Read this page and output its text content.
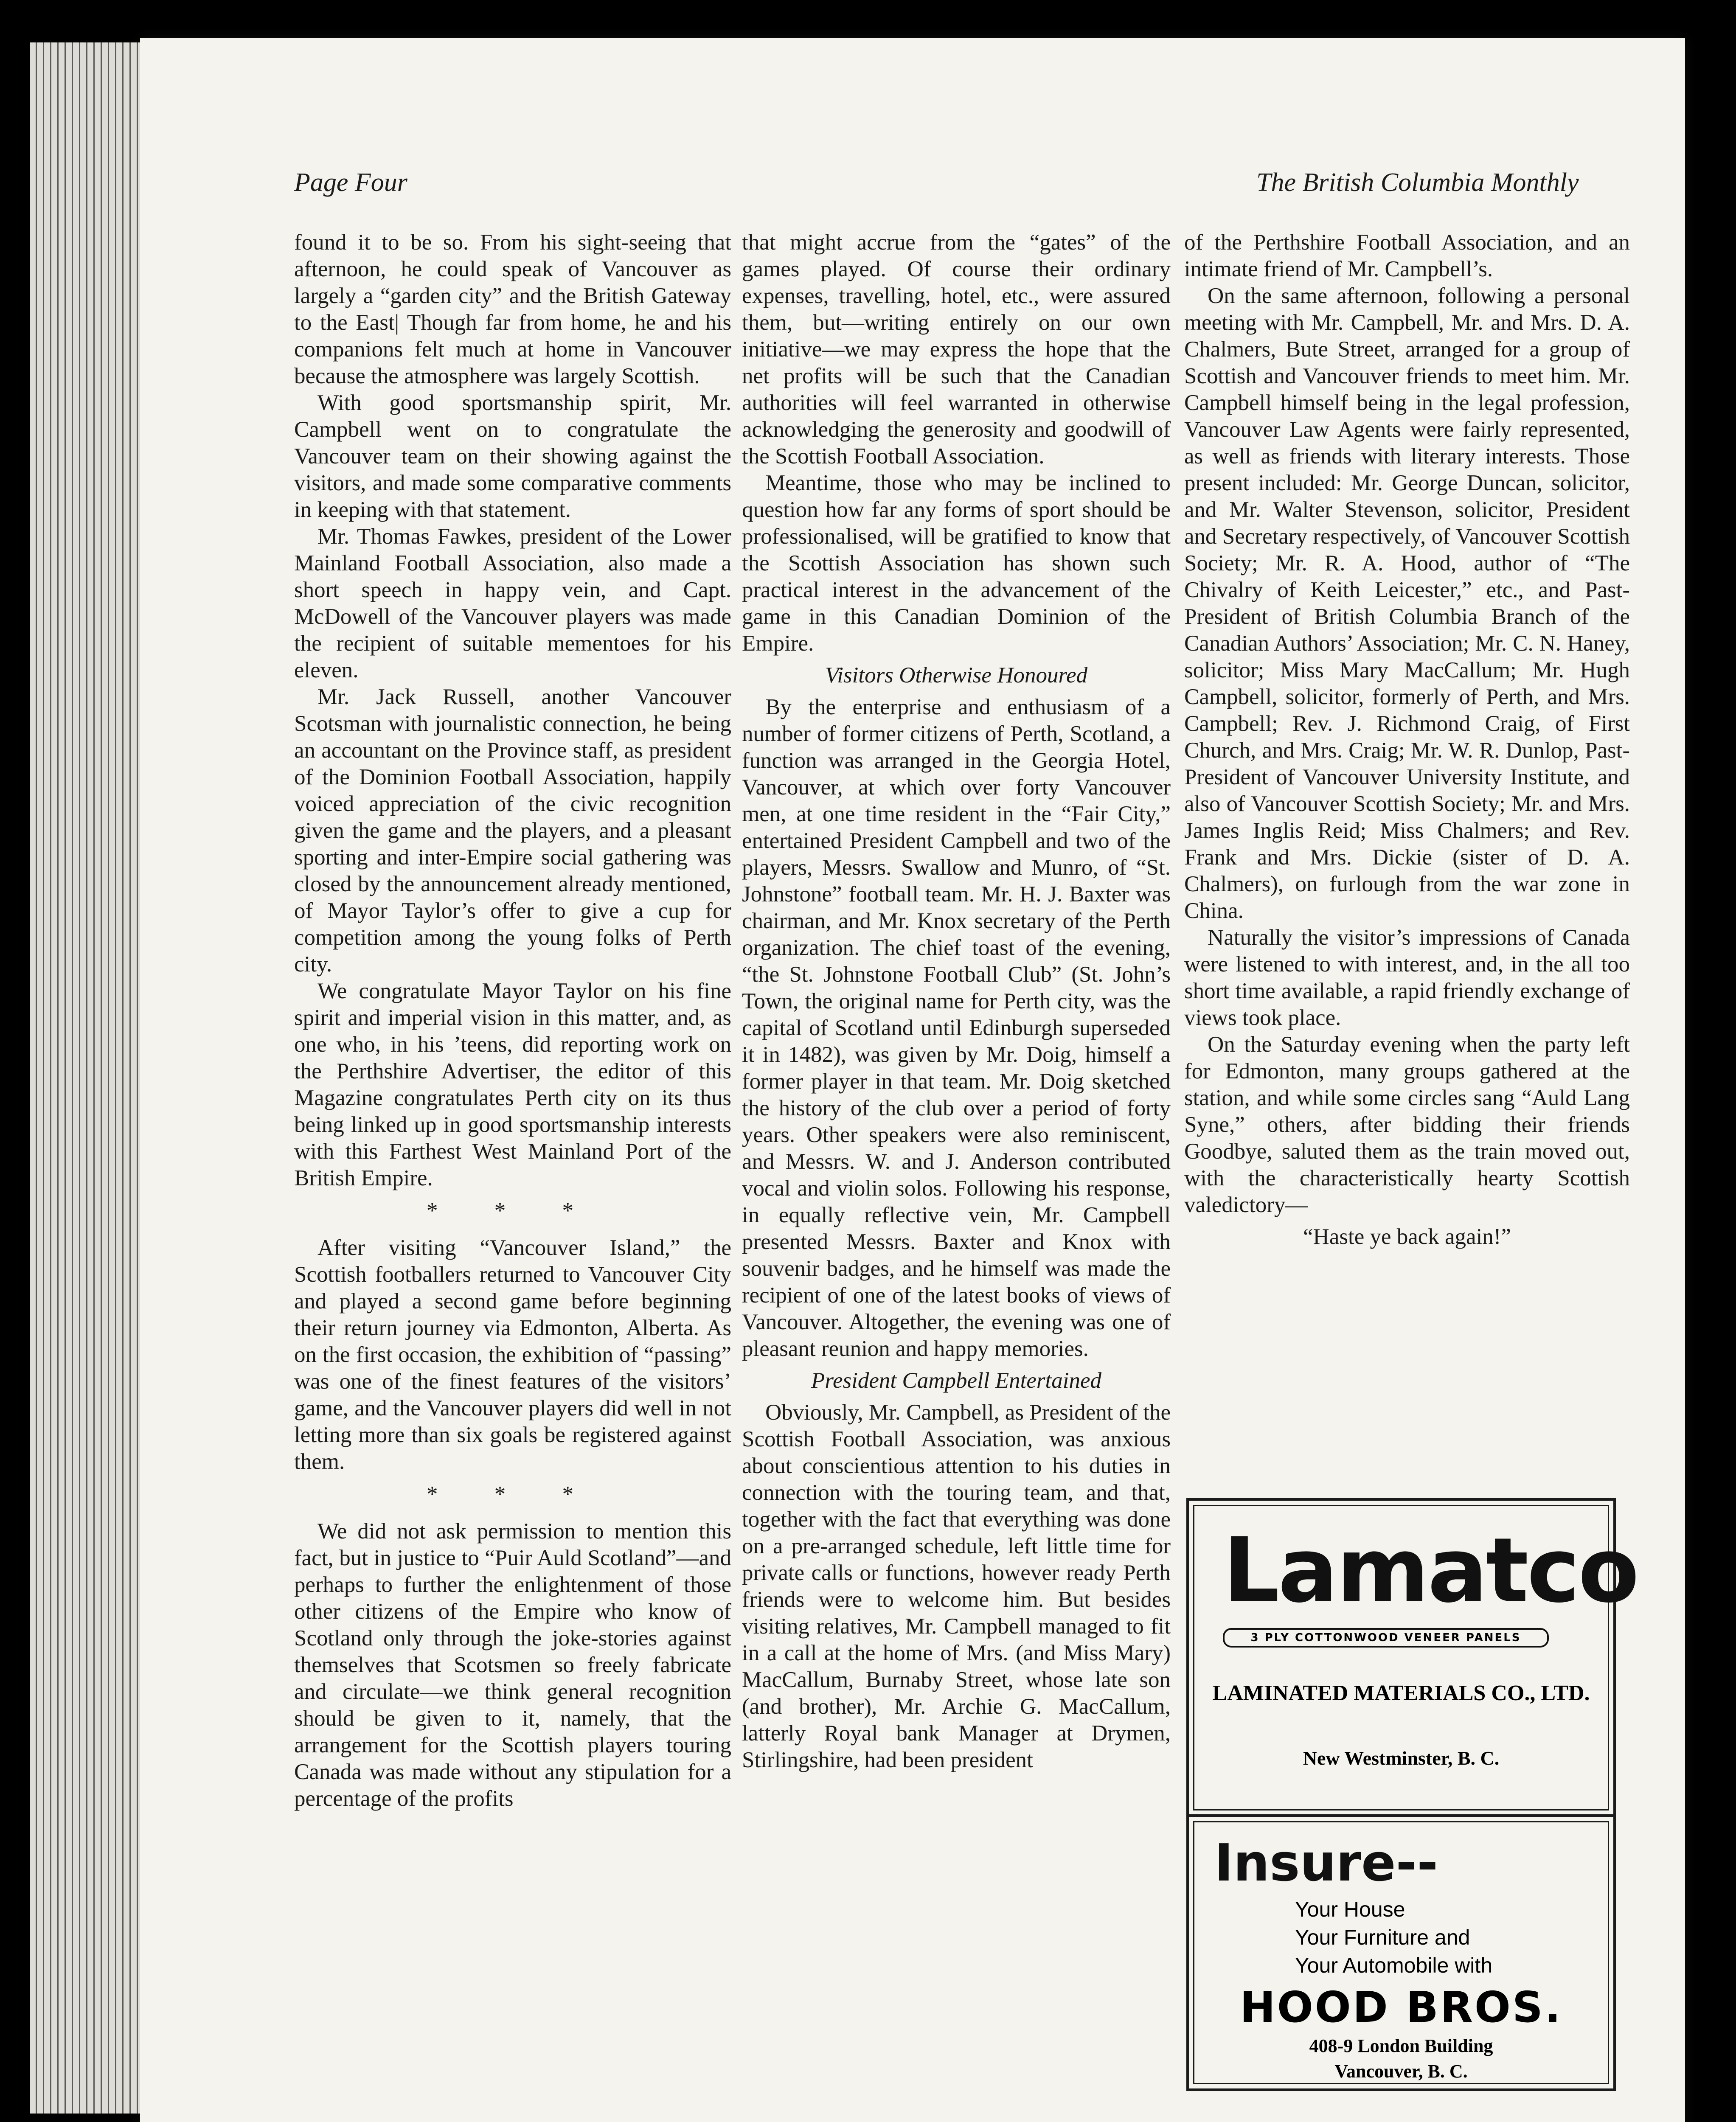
Page Four	The British Columbia Monthly

found it to be so. From his sight-seeing that afternoon, he could speak of Vancouver as largely a “garden city” and the British Gateway to the East| Though far from home, he and his companions felt much at home in Vancouver because the atmosphere was largely Scottish.

With good sportsmanship spirit, Mr. Campbell went on to congratulate the Vancouver team on their showing against the visitors, and made some comparative comments in keeping with that statement.

Mr. Thomas Fawkes, president of the Lower Mainland Football Association, also made a short speech in happy vein, and Capt. McDowell of the Vancouver players was made the recipient of suitable mementoes for his eleven.

Mr. Jack Russell, another Vancouver Scotsman with journalistic connection, he being an accountant on the Province staff, as president of the Dominion Football Association, happily voiced appreciation of the civic recognition given the game and the players, and a pleasant sporting and inter-Empire social gathering was closed by the announcement already mentioned, of Mayor Taylor’s offer to give a cup for competition among the young folks of Perth city.

We congratulate Mayor Taylor on his fine spirit and imperial vision in this matter, and, as one who, in his ’teens, did reporting work on the Perthshire Advertiser, the editor of this Magazine congratulates Perth city on its thus being linked up in good sportsmanship interests with this Farthest West Mainland Port of the British Empire.

* * *

After visiting “Vancouver Island,” the Scottish footballers returned to Vancouver City and played a second game before beginning their return journey via Edmonton, Alberta. As on the first occasion, the exhibition of “passing” was one of the finest features of the visitors’ game, and the Vancouver players did well in not letting more than six goals be registered against them.

* * *

We did not ask permission to mention this fact, but in justice to “Puir Auld Scotland”—and perhaps to further the enlightenment of those other citizens of the Empire who know of Scotland only through the joke-stories against themselves that Scotsmen so freely fabricate and circulate—we think general recognition should be given to it, namely, that the arrangement for the Scottish players touring Canada was made without any stipulation for a percentage of the profits

that might accrue from the “gates” of the games played. Of course their ordinary expenses, travelling, hotel, etc., were assured them, but—writing entirely on our own initiative—we may express the hope that the net profits will be such that the Canadian authorities will feel warranted in otherwise acknowledging the generosity and goodwill of the Scottish Football Association.

Meantime, those who may be inclined to question how far any forms of sport should be professionalised, will be gratified to know that the Scottish Association has shown such practical interest in the advancement of the game in this Canadian Dominion of the Empire.

Visitors Otherwise Honoured

By the enterprise and enthusiasm of a number of former citizens of Perth, Scotland, a function was arranged in the Georgia Hotel, Vancouver, at which over forty Vancouver men, at one time resident in the “Fair City,” entertained President Campbell and two of the players, Messrs. Swallow and Munro, of “St. Johnstone” football team. Mr. H. J. Baxter was chairman, and Mr. Knox secretary of the Perth organization. The chief toast of the evening, “the St. Johnstone Football Club” (St. John’s Town, the original name for Perth city, was the capital of Scotland until Edinburgh superseded it in 1482), was given by Mr. Doig, himself a former player in that team. Mr. Doig sketched the history of the club over a period of forty years. Other speakers were also reminiscent, and Messrs. W. and J. Anderson contributed vocal and violin solos. Following his response, in equally reflective vein, Mr. Campbell presented Messrs. Baxter and Knox with souvenir badges, and he himself was made the recipient of one of the latest books of views of Vancouver. Altogether, the evening was one of pleasant reunion and happy memories.

President Campbell Entertained

Obviously, Mr. Campbell, as President of the Scottish Football Association, was anxious about conscientious attention to his duties in connection with the touring team, and that, together with the fact that everything was done on a pre-arranged schedule, left little time for private calls or functions, however ready Perth friends were to welcome him. But besides visiting relatives, Mr. Campbell managed to fit in a call at the home of Mrs. (and Miss Mary) MacCallum, Burnaby Street, whose late son (and brother), Mr. Archie G. MacCallum, latterly Royal bank Manager at Drymen, Stirlingshire, had been president

of the Perthshire Football Association, and an intimate friend of Mr. Campbell’s.

On the same afternoon, following a personal meeting with Mr. Campbell, Mr. and Mrs. D. A. Chalmers, Bute Street, arranged for a group of Scottish and Vancouver friends to meet him. Mr. Campbell himself being in the legal profession, Vancouver Law Agents were fairly represented, as well as friends with literary interests. Those present included: Mr. George Duncan, solicitor, and Mr. Walter Stevenson, solicitor, President and Secretary respectively, of Vancouver Scottish Society; Mr. R. A. Hood, author of “The Chivalry of Keith Leicester,” etc., and Past-President of British Columbia Branch of the Canadian Authors’ Association; Mr. C. N. Haney, solicitor; Miss Mary MacCallum; Mr. Hugh Campbell, solicitor, formerly of Perth, and Mrs. Campbell; Rev. J. Richmond Craig, of First Church, and Mrs. Craig; Mr. W. R. Dunlop, Past-President of Vancouver University Institute, and also of Vancouver Scottish Society; Mr. and Mrs. James Inglis Reid; Miss Chalmers; and Rev. Frank and Mrs. Dickie (sister of D. A. Chalmers), on furlough from the war zone in China.

Naturally the visitor’s impressions of Canada were listened to with interest, and, in the all too short time available, a rapid friendly exchange of views took place.

On the Saturday evening when the party left for Edmonton, many groups gathered at the station, and while some circles sang “Auld Lang Syne,” others, after bidding their friends Goodbye, saluted them as the train moved out, with the characteristically hearty Scottish valedictory—

“Haste ye back again!”

Lamatco
3 PLY COTTONWOOD VENEER PANELS
LAMINATED MATERIALS CO., LTD.
New Westminster, B. C.
Insure--
Your House
Your Furniture and
Your Automobile with
HOOD BROS.
408-9 London Building
Vancouver, B. C.
